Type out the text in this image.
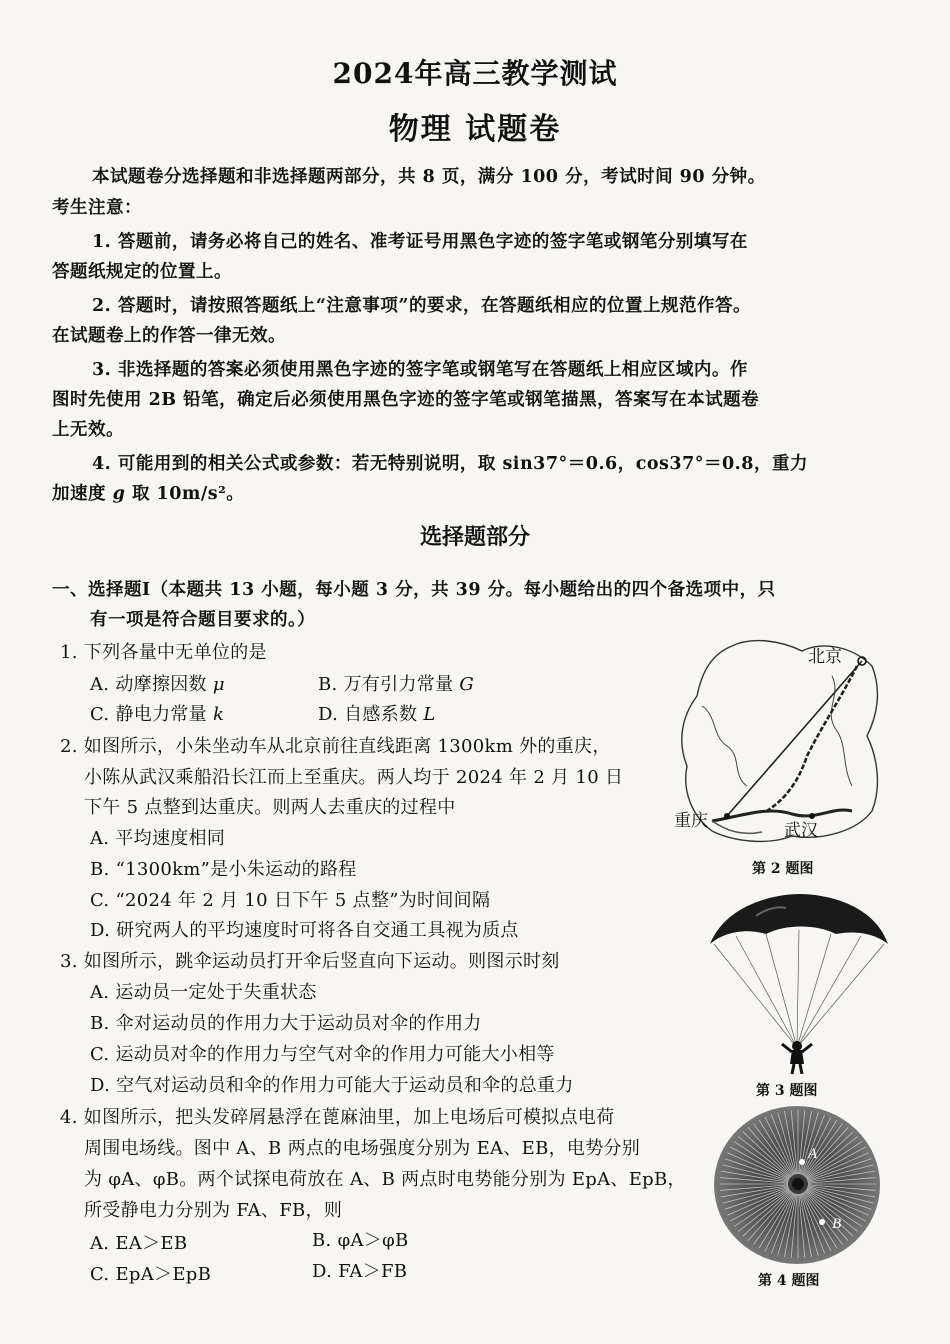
2024年高三教学测试
物理 试题卷
本试题卷分选择题和非选择题两部分，共 8 页，满分 100 分，考试时间 90 分钟。
考生注意：
1. 答题前，请务必将自己的姓名、准考证号用黑色字迹的签字笔或钢笔分别填写在
答题纸规定的位置上。
2. 答题时，请按照答题纸上“注意事项”的要求，在答题纸相应的位置上规范作答。
在试题卷上的作答一律无效。
3. 非选择题的答案必须使用黑色字迹的签字笔或钢笔写在答题纸上相应区域内。作
图时先使用 2B 铅笔，确定后必须使用黑色字迹的签字笔或钢笔描黑，答案写在本试题卷
上无效。
4. 可能用到的相关公式或参数：若无特别说明，取 sin37°＝0.6，cos37°＝0.8，重力
加速度 g 取 10m/s²。
选择题部分
一、选择题Ⅰ（本题共 13 小题，每小题 3 分，共 39 分。每小题给出的四个备选项中，只
有一项是符合题目要求的。）
1. 下列各量中无单位的是
A. 动摩擦因数 μ	B. 万有引力常量 G
C. 静电力常量 k	D. 自感系数 L
2. 如图所示，小朱坐动车从北京前往直线距离 1300km 外的重庆，
小陈从武汉乘船沿长江而上至重庆。两人均于 2024 年 2 月 10 日
下午 5 点整到达重庆。则两人去重庆的过程中
A. 平均速度相同
B. “1300km”是小朱运动的路程
C. “2024 年 2 月 10 日下午 5 点整”为时间间隔
D. 研究两人的平均速度时可将各自交通工具视为质点
北京
重庆
武汉
第 2 题图
3. 如图所示，跳伞运动员打开伞后竖直向下运动。则图示时刻
A. 运动员一定处于失重状态
B. 伞对运动员的作用力大于运动员对伞的作用力
C. 运动员对伞的作用力与空气对伞的作用力可能大小相等
D. 空气对运动员和伞的作用力可能大于运动员和伞的总重力	第 3 题图
4. 如图所示，把头发碎屑悬浮在蓖麻油里，加上电场后可模拟点电荷
周围电场线。图中 A、B 两点的电场强度分别为 EA、EB，电势分别
为 φA、φB。两个试探电荷放在 A、B 两点时电势能分别为 EpA、EpB，
所受静电力分别为 FA、FB，则
A. EA＞EB	B. φA＞φB
C. EpA＞EpB	D. FA＞FB
A
B
第 4 题图
